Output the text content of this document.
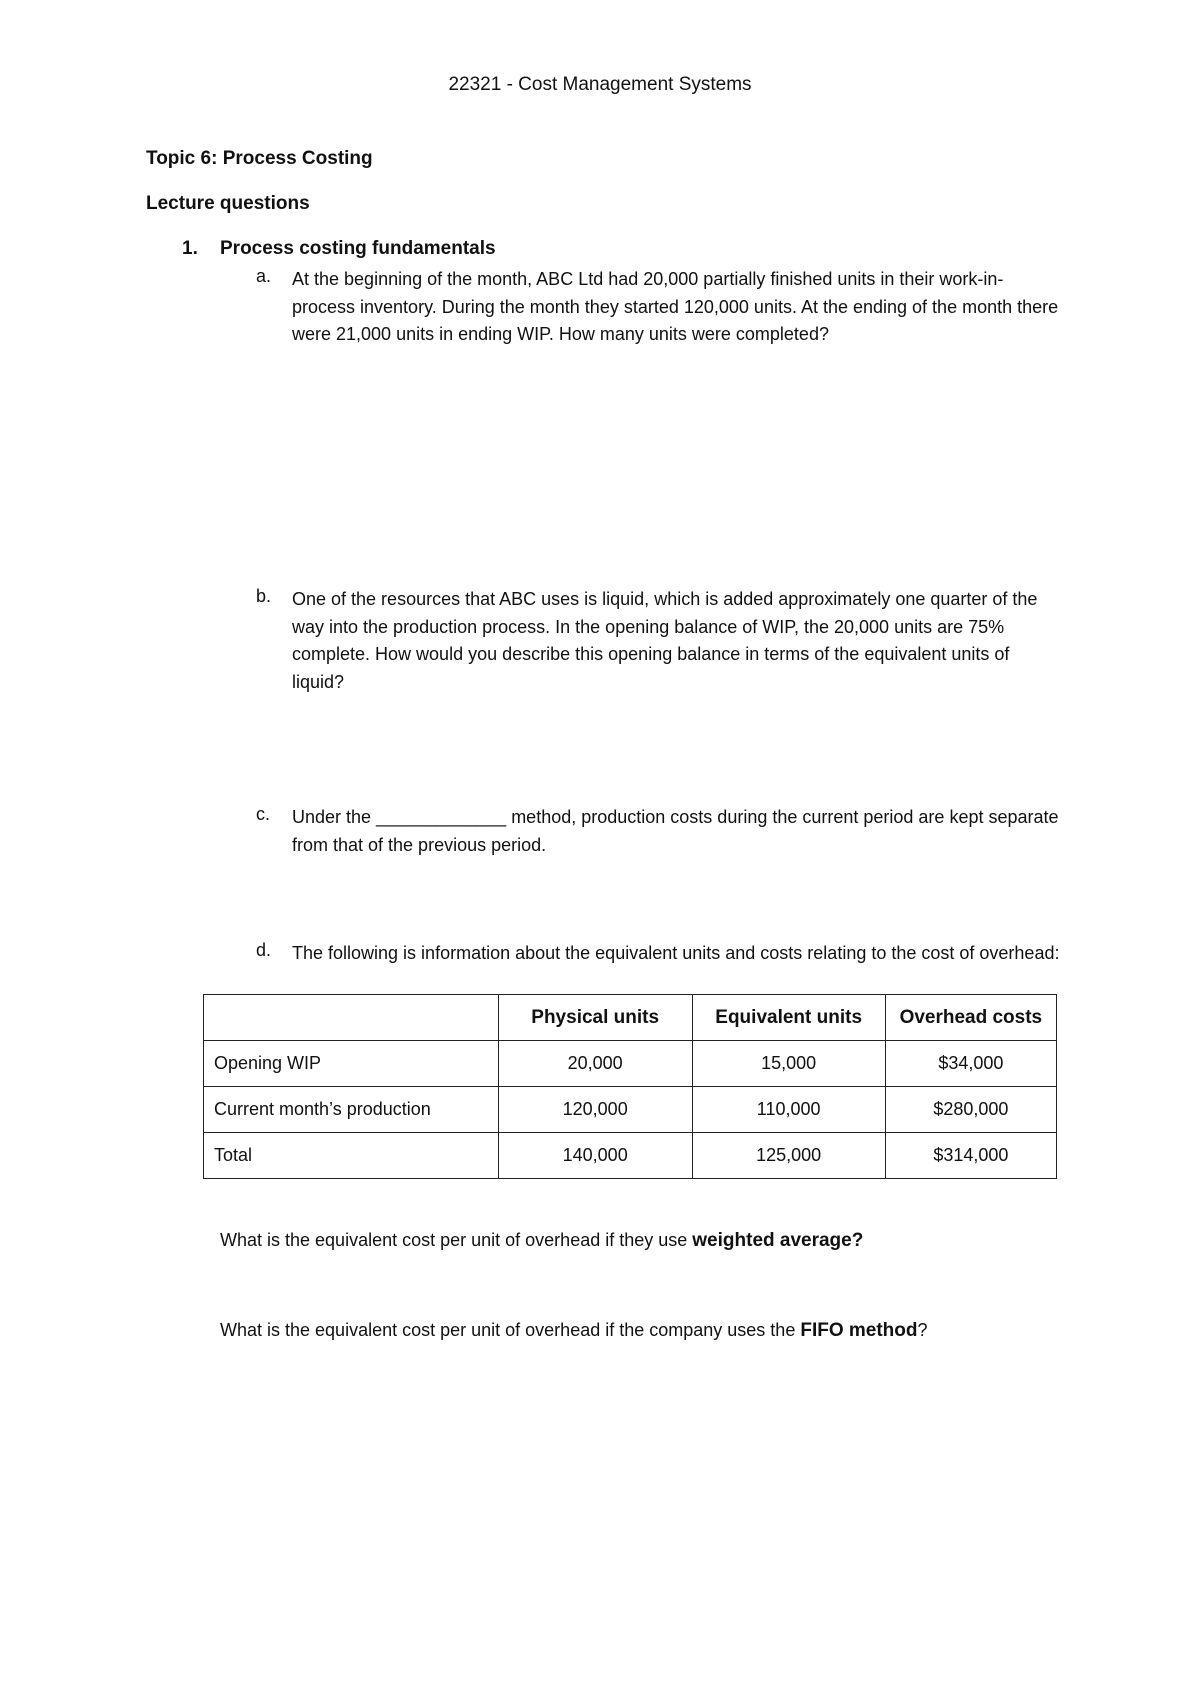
22321 - Cost Management Systems
Topic 6: Process Costing
Lecture questions
1. Process costing fundamentals
a. At the beginning of the month, ABC Ltd had 20,000 partially finished units in their work-in-process inventory. During the month they started 120,000 units. At the ending of the month there were 21,000 units in ending WIP. How many units were completed?
b. One of the resources that ABC uses is liquid, which is added approximately one quarter of the way into the production process. In the opening balance of WIP, the 20,000 units are 75% complete. How would you describe this opening balance in terms of the equivalent units of liquid?
c. Under the _____________ method, production costs during the current period are kept separate from that of the previous period.
d. The following is information about the equivalent units and costs relating to the cost of overhead:
	Physical units	Equivalent units	Overhead costs
Opening WIP	20,000	15,000	$34,000
Current month’s production	120,000	110,000	$280,000
Total	140,000	125,000	$314,000
What is the equivalent cost per unit of overhead if they use weighted average?
What is the equivalent cost per unit of overhead if the company uses the FIFO method?
